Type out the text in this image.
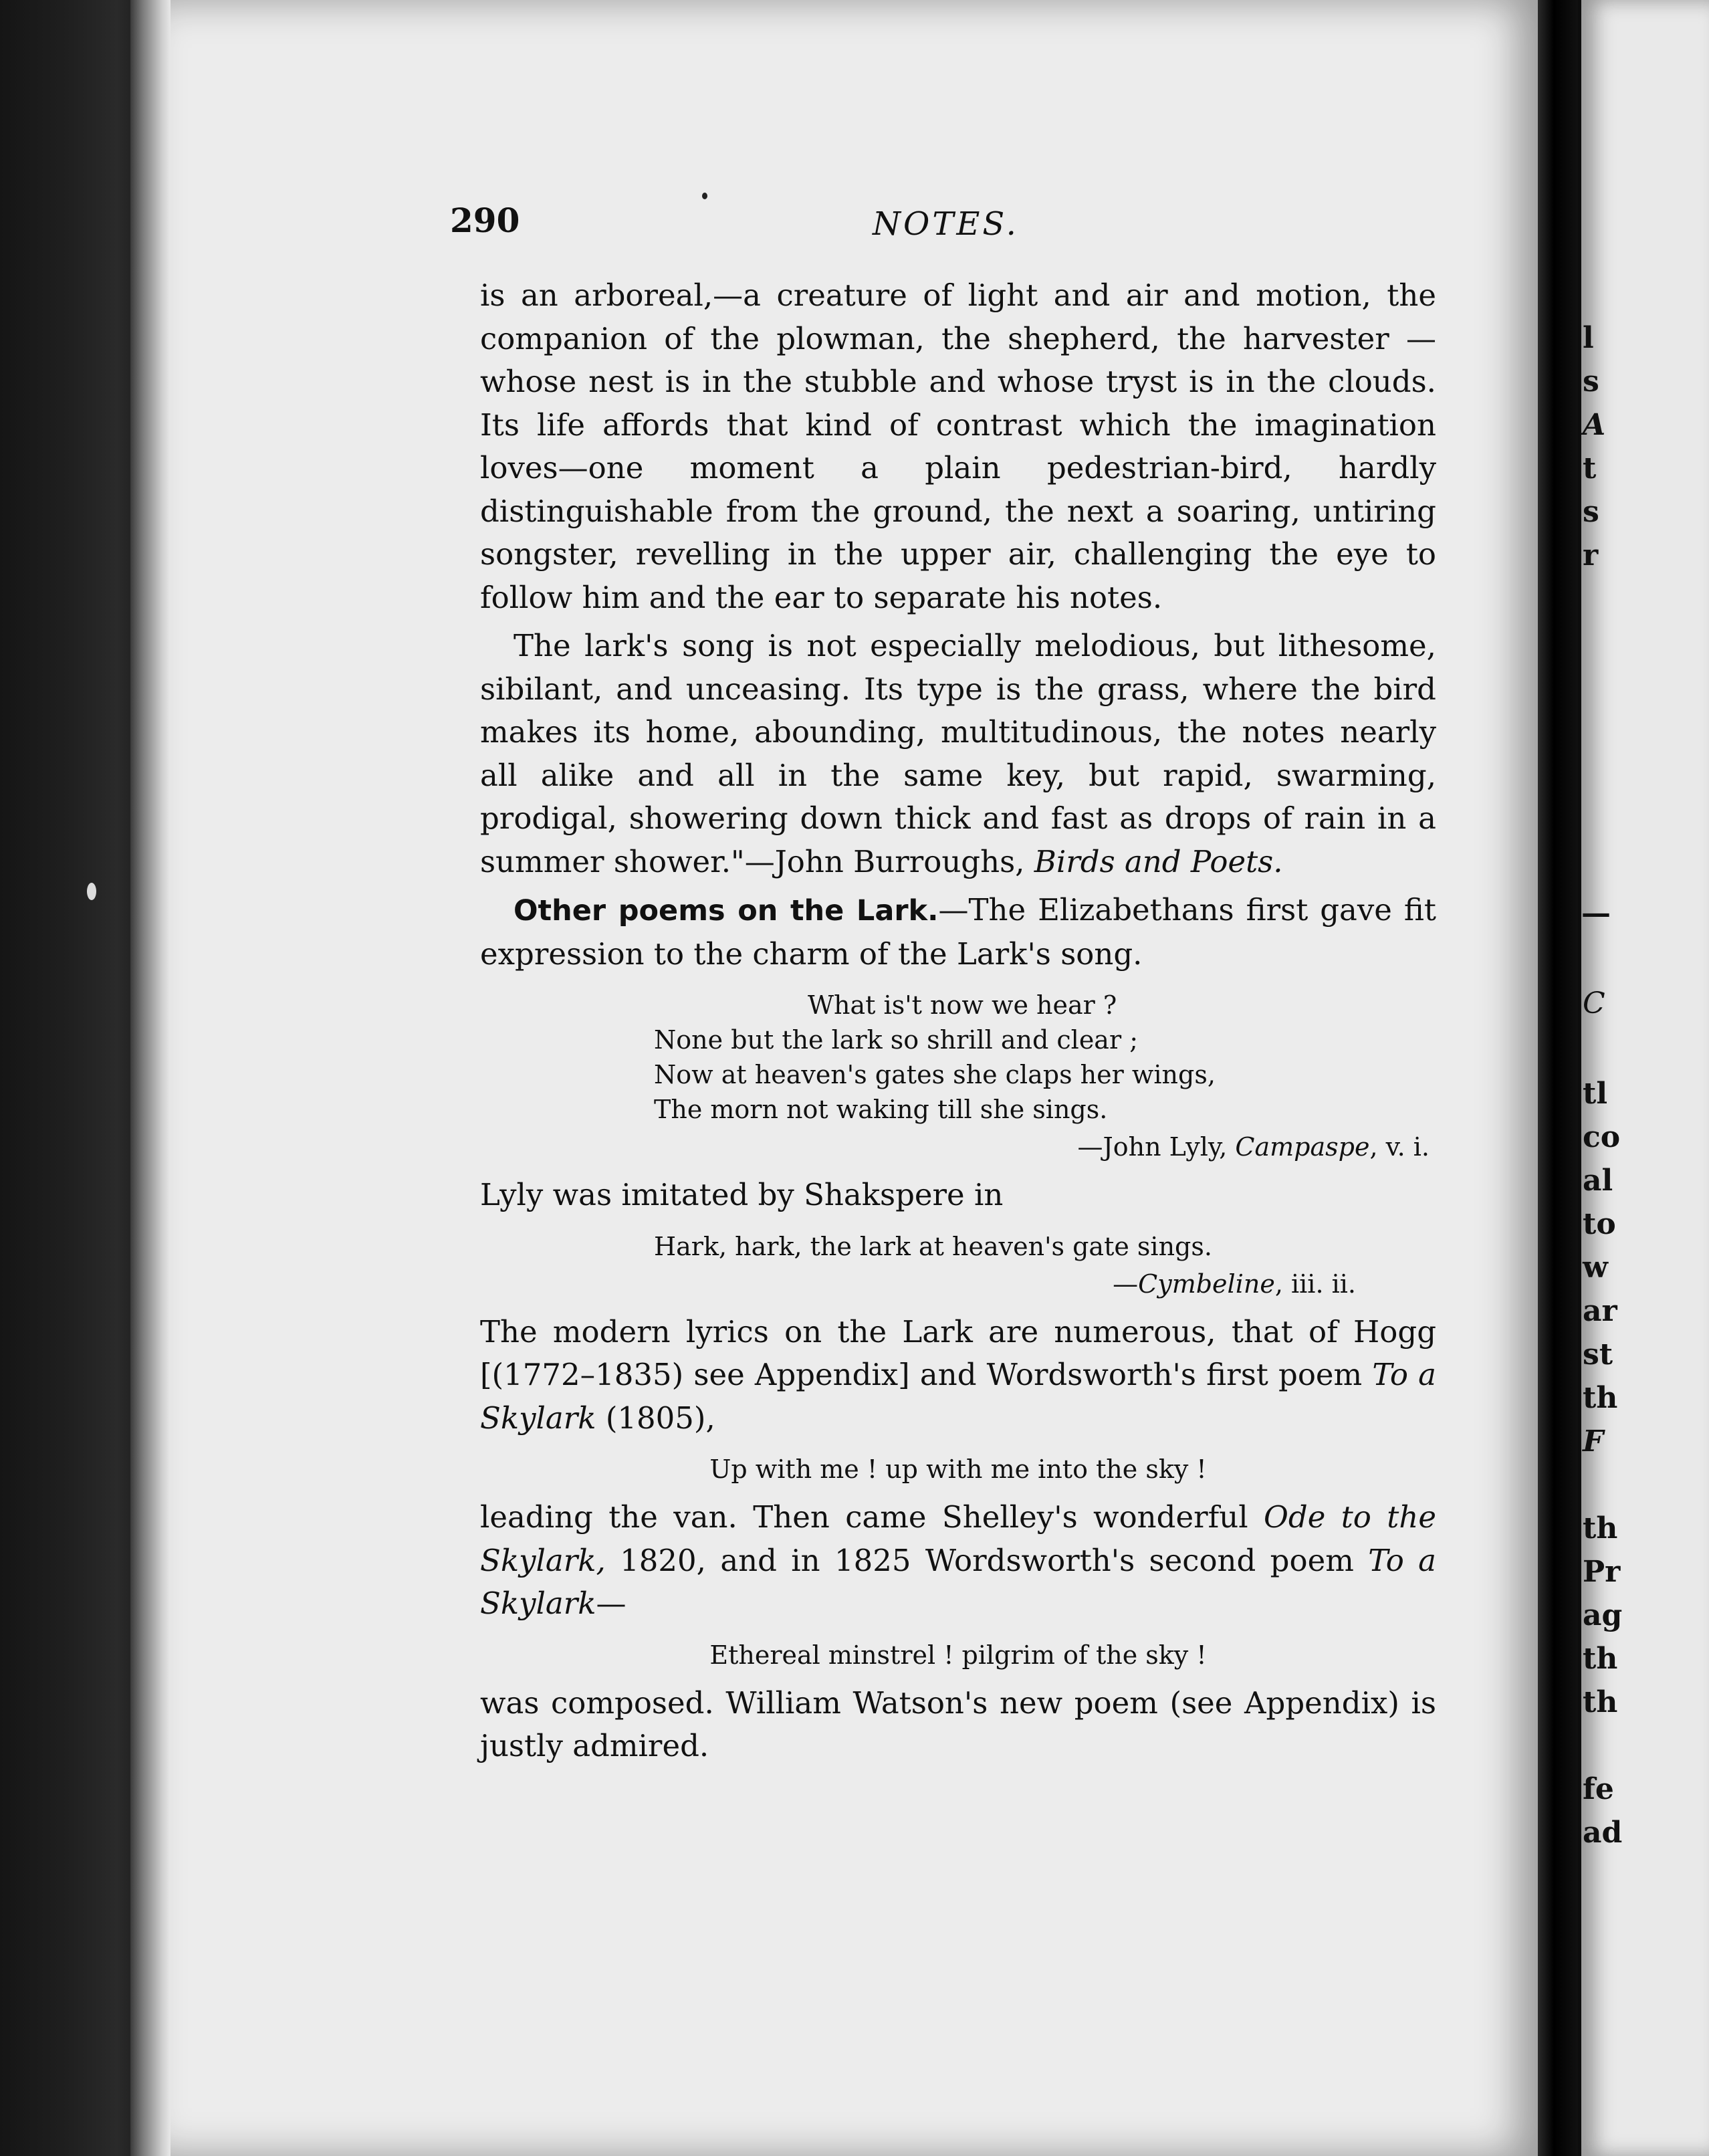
290	NOTES.

is an arboreal,—a creature of light and air and motion, the companion of the plowman, the shepherd, the harvester —whose nest is in the stubble and whose tryst is in the clouds. Its life affords that kind of contrast which the imagination loves—one moment a plain pedestrian-bird, hardly distinguishable from the ground, the next a soaring, untiring songster, revelling in the upper air, challenging the eye to follow him and the ear to separate his notes.

The lark's song is not especially melodious, but lithesome, sibilant, and unceasing. Its type is the grass, where the bird makes its home, abounding, multitudinous, the notes nearly all alike and all in the same key, but rapid, swarming, prodigal, showering down thick and fast as drops of rain in a summer shower."—John Burroughs, Birds and Poets.

Other poems on the Lark.—The Elizabethans first gave fit expression to the charm of the Lark's song.

What is't now we hear ?
None but the lark so shrill and clear ;
Now at heaven's gates she claps her wings,
The morn not waking till she sings.
—John Lyly, Campaspe, v. i.

Lyly was imitated by Shakspere in

Hark, hark, the lark at heaven's gate sings.
—Cymbeline, iii. ii.

The modern lyrics on the Lark are numerous, that of Hogg [(1772–1835) see Appendix] and Wordsworth's first poem To a Skylark (1805),

Up with me ! up with me into the sky !

leading the van. Then came Shelley's wonderful Ode to the Skylark, 1820, and in 1825 Wordsworth's second poem To a Skylark—

Ethereal minstrel ! pilgrim of the sky !

was composed. William Watson's new poem (see Appendix) is justly admired.

l
s
A
t
s
r
—
C
tl
co
al
to
w
ar
st
th
F
th
Pr
ag
th
th
fe
ad
